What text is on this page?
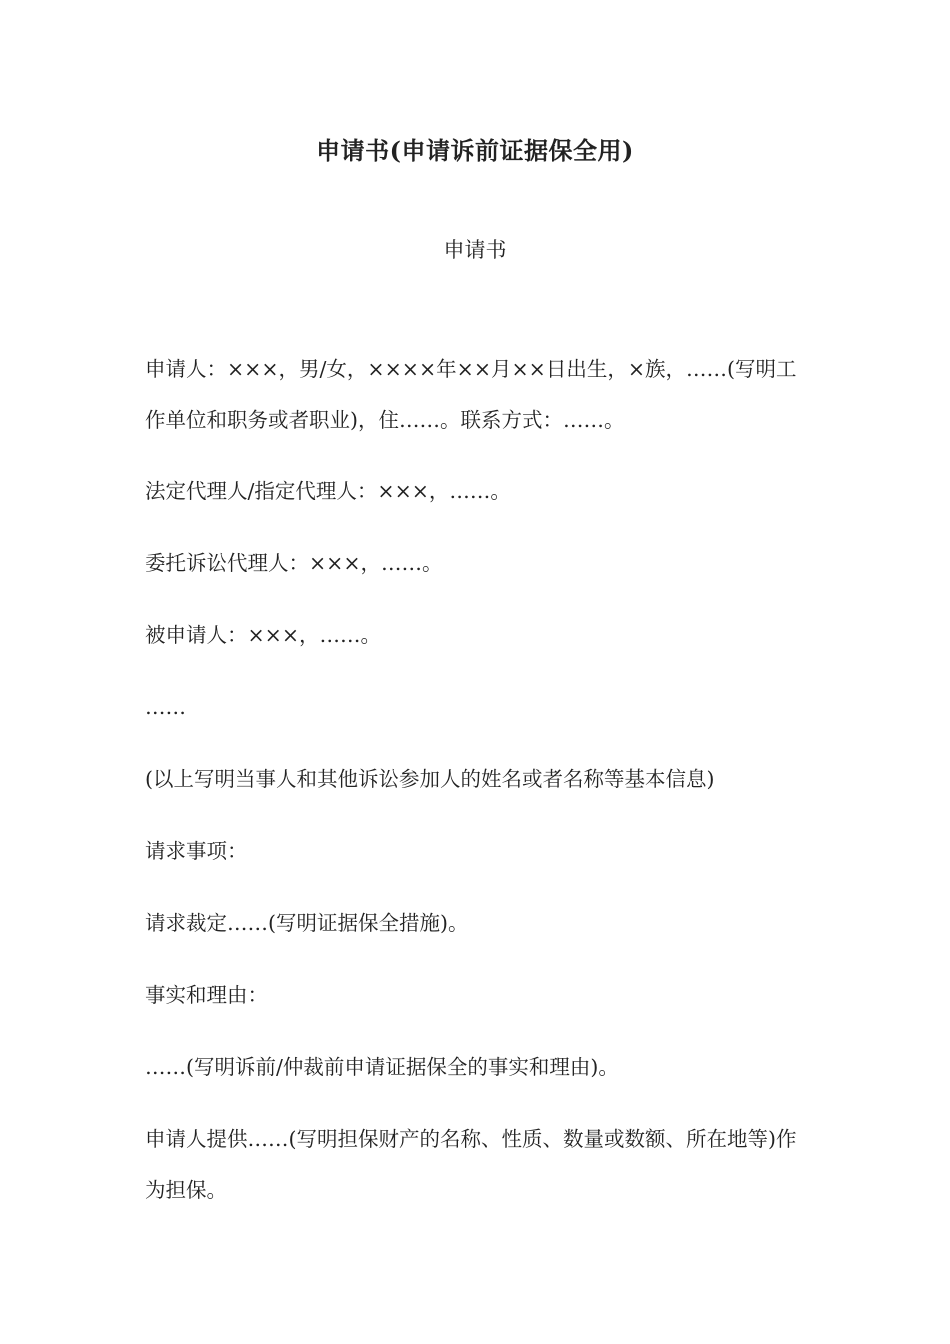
申请书(申请诉前证据保全用)
申请书

申请人：×××，男/女，××××年××月××日出生，×族，……(写明工作单位和职务或者职业)，住……。联系方式：……。

法定代理人/指定代理人：×××，……。

委托诉讼代理人：×××，……。

被申请人：×××，……。

……

(以上写明当事人和其他诉讼参加人的姓名或者名称等基本信息)

请求事项：

请求裁定……(写明证据保全措施)。

事实和理由：

……(写明诉前/仲裁前申请证据保全的事实和理由)。

申请人提供……(写明担保财产的名称、性质、数量或数额、所在地等)作为担保。
